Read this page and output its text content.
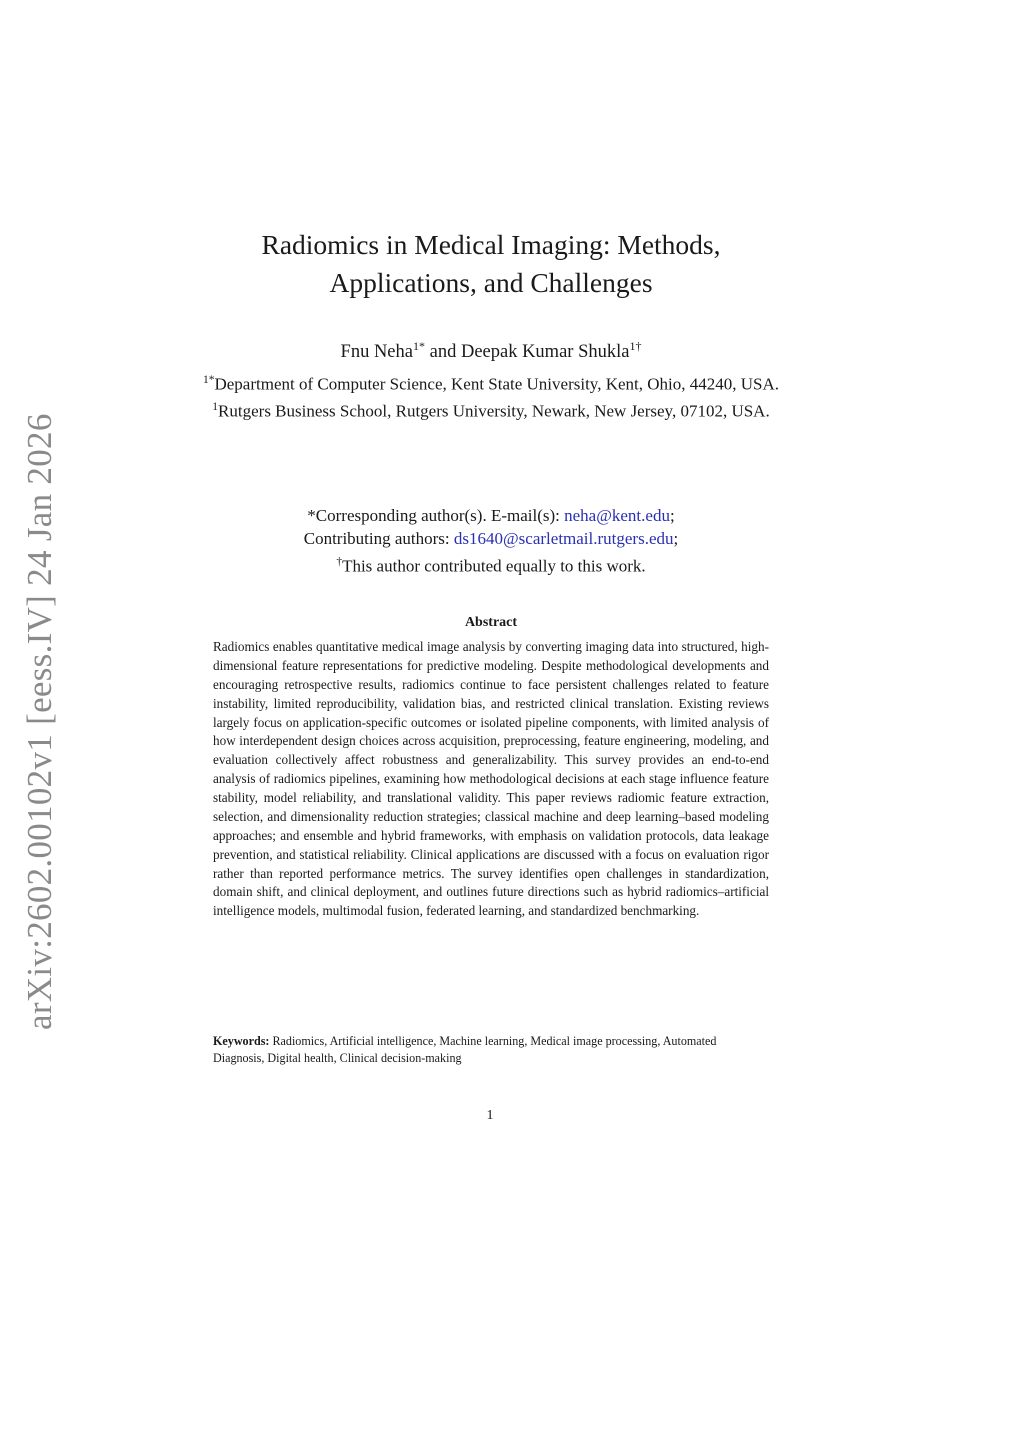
arXiv:2602.00102v1 [eess.IV] 24 Jan 2026
Radiomics in Medical Imaging: Methods,
Applications, and Challenges
Fnu Neha$^{1*}$ and Deepak Kumar Shukla$^{1\dagger}$

$^{1*}$Department of Computer Science, Kent State University, Kent, Ohio, 44240, USA.

$^1$Rutgers Business School, Rutgers University, Newark, New Jersey, 07102, USA.

*Corresponding author(s). E-mail(s): neha@kent.edu;

Contributing authors: ds1640@scarletmail.rutgers.edu;

†This author contributed equally to this work.

Abstract

Radiomics enables quantitative medical image analysis by converting imaging data into structured, high-dimensional feature representations for predictive modeling. Despite methodological developments and encouraging retrospective results, radiomics continue to face persistent challenges related to feature instability, limited reproducibility, validation bias, and restricted clinical translation. Existing reviews largely focus on application-specific outcomes or isolated pipeline components, with limited analysis of how interdependent design choices across acquisition, preprocessing, feature engineering, modeling, and evaluation collectively affect robustness and generalizability. This survey provides an end-to-end analysis of radiomics pipelines, examining how methodological decisions at each stage influence feature stability, model reliability, and translational validity. This paper reviews radiomic feature extraction, selection, and dimensionality reduction strategies; classical machine and deep learning–based modeling approaches; and ensemble and hybrid frameworks, with emphasis on validation protocols, data leakage prevention, and statistical reliability. Clinical applications are discussed with a focus on evaluation rigor rather than reported performance metrics. The survey identifies open challenges in standardization, domain shift, and clinical deployment, and outlines future directions such as hybrid radiomics–artificial intelligence models, multimodal fusion, federated learning, and standardized benchmarking.

Keywords: Radiomics, Artificial intelligence, Machine learning, Medical image processing, Automated Diagnosis, Digital health, Clinical decision-making

1
